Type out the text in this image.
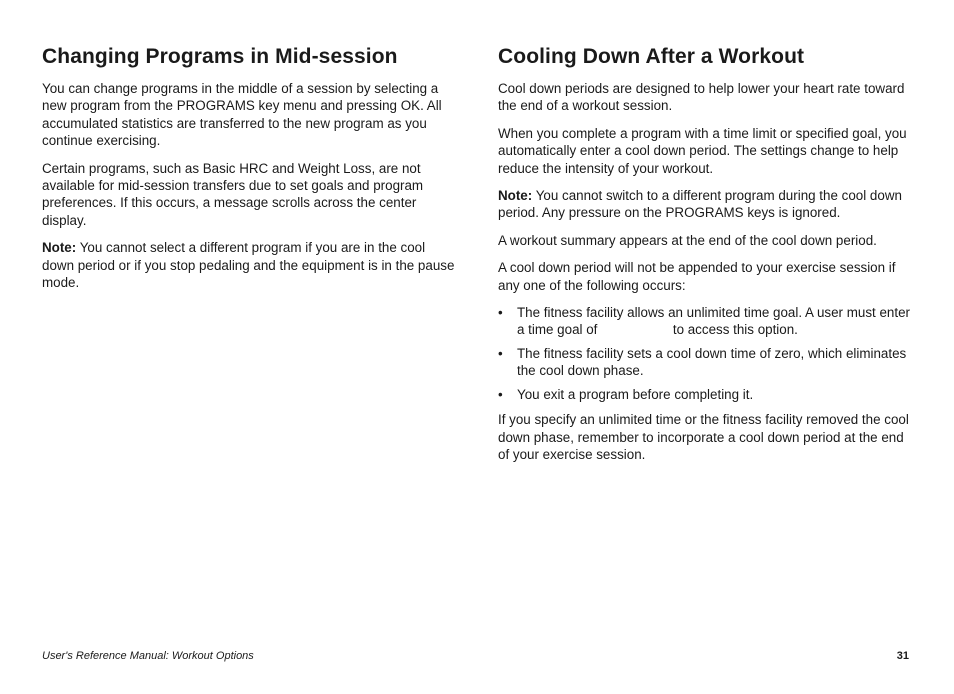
Changing Programs in Mid-session

You can change programs in the middle of a session by selecting a new program from the PROGRAMS key menu and pressing OK. All accumulated statistics are transferred to the new program as you continue exercising.

Certain programs, such as Basic HRC and Weight Loss, are not available for mid-session transfers due to set goals and program preferences. If this occurs, a message scrolls across the center display.

Note: You cannot select a different program if you are in the cool down period or if you stop pedaling and the equipment is in the pause mode.

Cooling Down After a Workout

Cool down periods are designed to help lower your heart rate toward the end of a workout session.

When you complete a program with a time limit or specified goal, you automatically enter a cool down period. The settings change to help reduce the intensity of your workout.

Note: You cannot switch to a different program during the cool down period. Any pressure on the PROGRAMS keys is ignored.

A workout summary appears at the end of the cool down period.

A cool down period will not be appended to your exercise session if any one of the following occurs:

• The fitness facility allows an unlimited time goal. A user must enter a time goal of	to access this option.
• The fitness facility sets a cool down time of zero, which eliminates the cool down phase.
• You exit a program before completing it.

If you specify an unlimited time or the fitness facility removed the cool down phase, remember to incorporate a cool down period at the end of your exercise session.

User's Reference Manual: Workout Options	31
